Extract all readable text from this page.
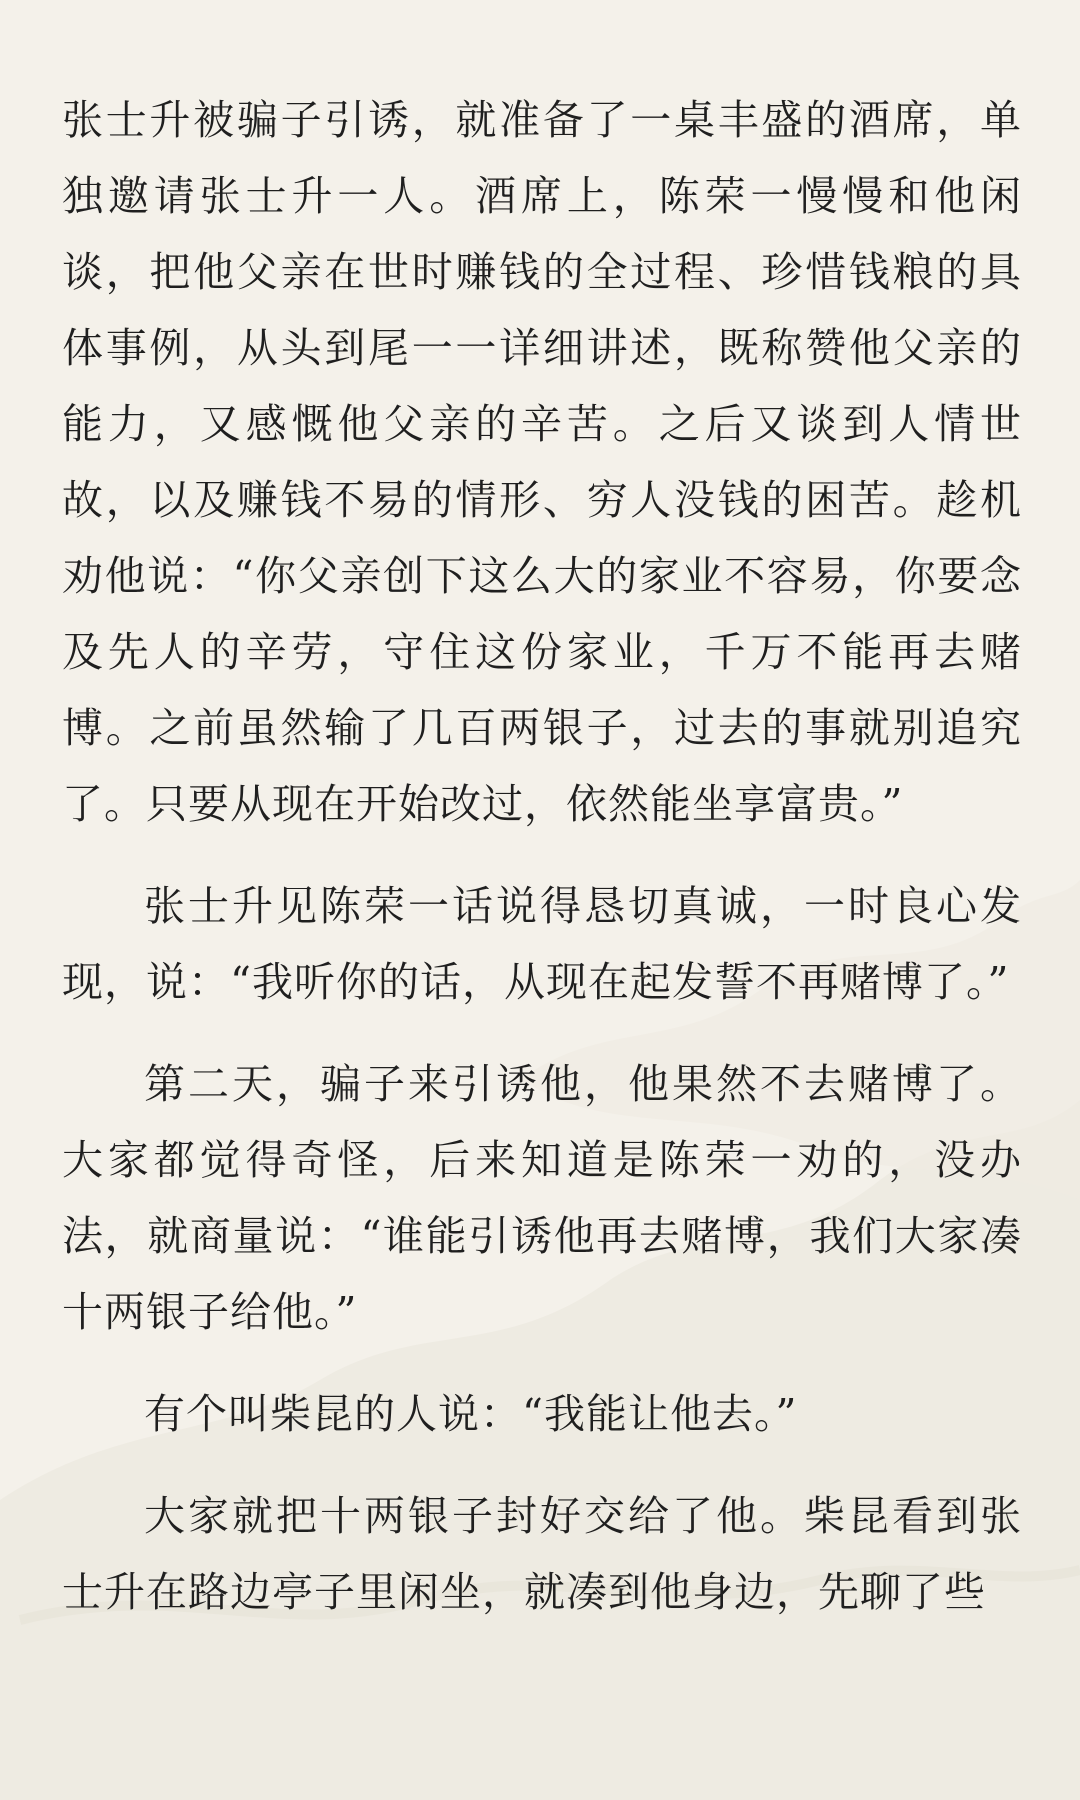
张士升被骗子引诱，就准备了一桌丰盛的酒席，单独邀请张士升一人。酒席上，陈荣一慢慢和他闲谈，把他父亲在世时赚钱的全过程、珍惜钱粮的具体事例，从头到尾一一详细讲述，既称赞他父亲的能力，又感慨他父亲的辛苦。之后又谈到人情世故，以及赚钱不易的情形、穷人没钱的困苦。趁机劝他说：“你父亲创下这么大的家业不容易，你要念及先人的辛劳，守住这份家业，千万不能再去赌博。之前虽然输了几百两银子，过去的事就别追究了。只要从现在开始改过，依然能坐享富贵。”

张士升见陈荣一话说得恳切真诚，一时良心发现，说：“我听你的话，从现在起发誓不再赌博了。”

第二天，骗子来引诱他，他果然不去赌博了。大家都觉得奇怪，后来知道是陈荣一劝的，没办法，就商量说：“谁能引诱他再去赌博，我们大家凑十两银子给他。”

有个叫柴昆的人说：“我能让他去。”

大家就把十两银子封好交给了他。柴昆看到张士升在路边亭子里闲坐，就凑到他身边，先聊了些
